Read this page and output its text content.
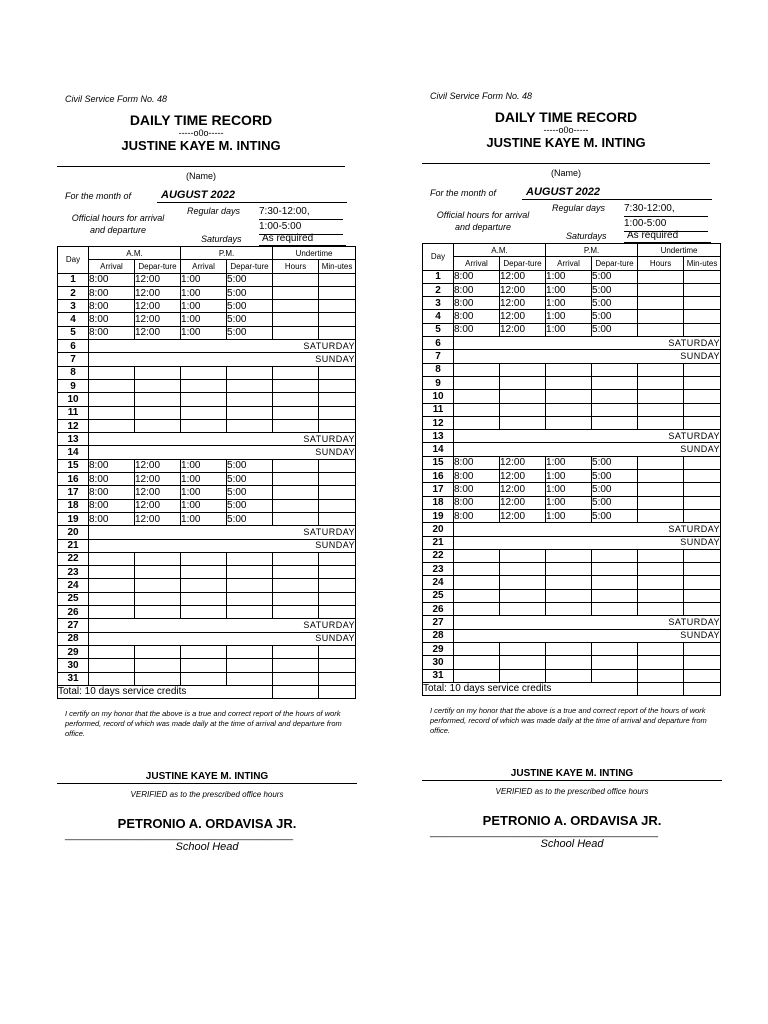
Civil Service Form No. 48
DAILY TIME RECORD
-----o0o-----
JUSTINE KAYE M. INTING
(Name)
For the month of	AUGUST 2022
Official hours for arrival and departure
Regular days 7:30-12:00,
1:00-5:00
Saturdays	As required
Day	A.M.		P.M.		Undertime	
	Arrival	Depar-ture	Arrival	Depar-ture	Hours	Min-utes
1	8:00	12:00	1:00	5:00		
2	8:00	12:00	1:00	5:00		
3	8:00	12:00	1:00	5:00		
4	8:00	12:00	1:00	5:00		
5	8:00	12:00	1:00	5:00		
6	SATURDAY					
7	SUNDAY					
8						
9						
10						
11						
12						
13	SATURDAY					
14	SUNDAY					
15	8:00	12:00	1:00	5:00		
16	8:00	12:00	1:00	5:00		
17	8:00	12:00	1:00	5:00		
18	8:00	12:00	1:00	5:00		
19	8:00	12:00	1:00	5:00		
20	SATURDAY					
21	SUNDAY					
22						
23						
24						
25						
26						
27	SATURDAY					
28	SUNDAY					
29						
30						
31						
Total: 10 days service credits						
I certify on my honor that the above is a true and correct report of the hours of work performed, record of which was made daily at the time of arrival and departure from office.
JUSTINE KAYE M. INTING
VERIFIED as to the prescribed office hours
PETRONIO A. ORDAVISA JR.
_________________________________________
School Head
Civil Service Form No. 48
DAILY TIME RECORD
-----o0o-----
JUSTINE KAYE M. INTING
(Name)
For the month of	AUGUST 2022
Official hours for arrival and departure
Regular days 7:30-12:00,
1:00-5:00
Saturdays	As required
Day	A.M.		P.M.		Undertime	
	Arrival	Depar-ture	Arrival	Depar-ture	Hours	Min-utes
1	8:00	12:00	1:00	5:00		
2	8:00	12:00	1:00	5:00		
3	8:00	12:00	1:00	5:00		
4	8:00	12:00	1:00	5:00		
5	8:00	12:00	1:00	5:00		
6	SATURDAY					
7	SUNDAY					
8						
9						
10						
11						
12						
13	SATURDAY					
14	SUNDAY					
15	8:00	12:00	1:00	5:00		
16	8:00	12:00	1:00	5:00		
17	8:00	12:00	1:00	5:00		
18	8:00	12:00	1:00	5:00		
19	8:00	12:00	1:00	5:00		
20	SATURDAY					
21	SUNDAY					
22						
23						
24						
25						
26						
27	SATURDAY					
28	SUNDAY					
29						
30						
31						
Total: 10 days service credits						
I certify on my honor that the above is a true and correct report of the hours of work performed, record of which was made daily at the time of arrival and departure from office.
JUSTINE KAYE M. INTING
VERIFIED as to the prescribed office hours
PETRONIO A. ORDAVISA JR.
_________________________________________
School Head
